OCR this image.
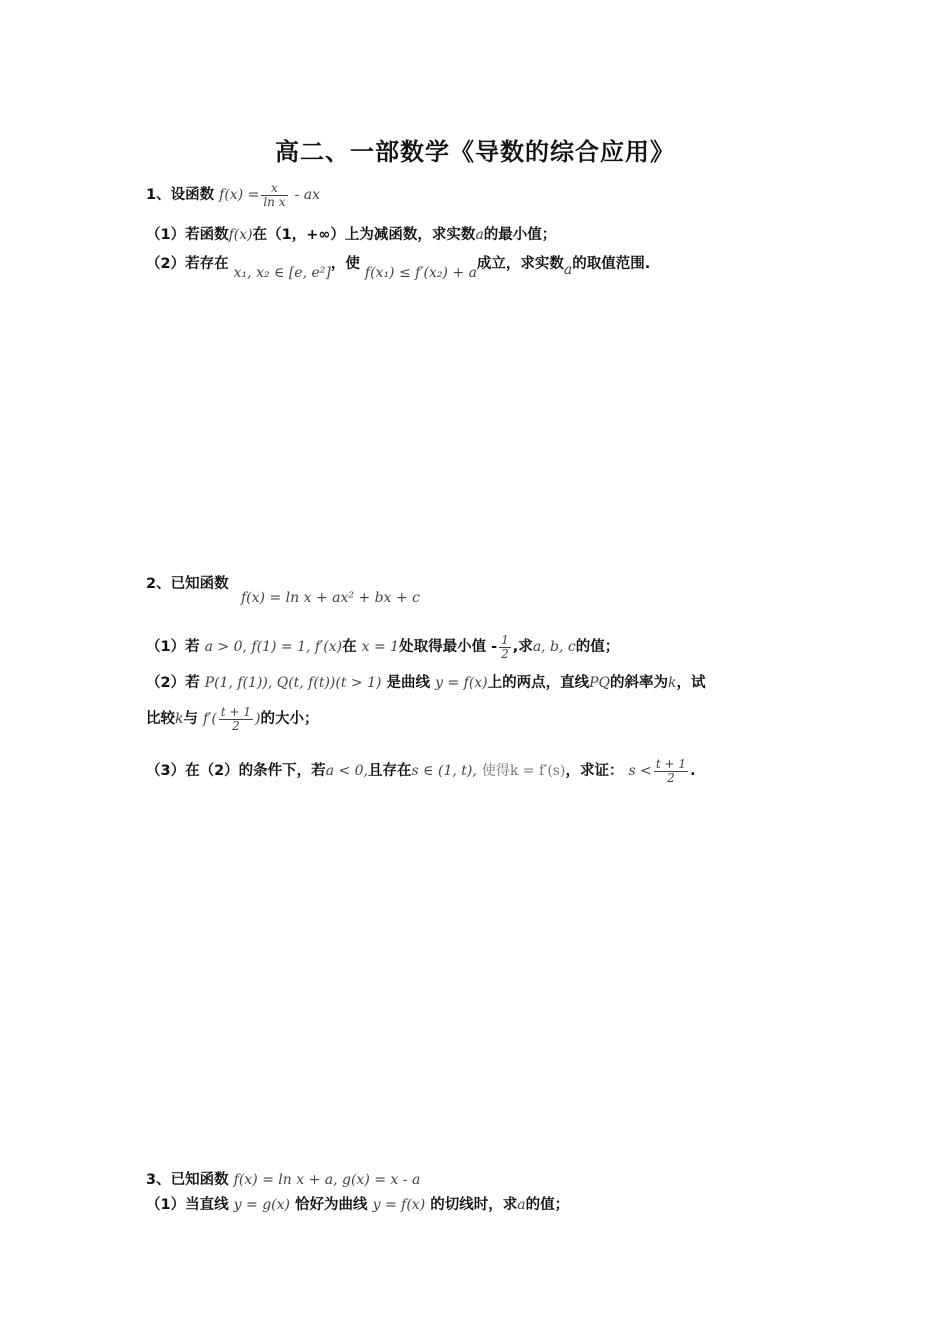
高二、一部数学《导数的综合应用》
1、设函数 $f(x) = \frac{x}{\text{ln x}}$ - ax
（1）若函数f(x)在（1，+∞）上为减函数，求实数a的最小值；
（2）若存在 x₁, x₂ ∈ [e, e²]，使 f(x₁) ≤ f′(x₂) + a成立，求实数a的取值范围.
2、已知函数
f(x) = ln x + ax² + bx + c
（1）若 a > 0, f(1) = 1, f′(x)在 x = 1处取得最小值 - $\frac{1}{2}$ ,求a, b, c的值；
（2）若 P(1, f(1)), Q(t, f(t))(t > 1) 是曲线 y = f(x)上的两点，直线PQ的斜率为k，试
比较k与 $f'( \frac{t + 1}{2}$ )的大小；
（3）在（2）的条件下，若a < 0,且存在s ∈ (1, t), 使得k = f′(s)，求证： $s < \frac{t + 1}{2}$ .
3、已知函数 f(x) = ln x + a, g(x) = x - a
（1）当直线 y = g(x) 恰好为曲线 y = f(x) 的切线时，求a的值；
